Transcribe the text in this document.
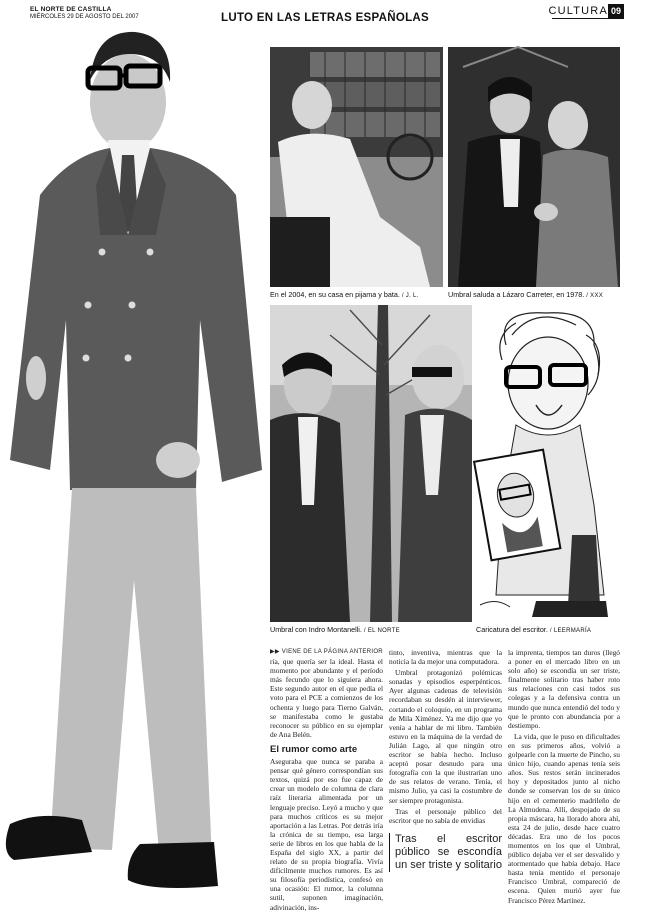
EL NORTE DE CASTILLA
MIÉRCOLES 29 DE AGOSTO DEL 2007	LUTO EN LAS LETRAS ESPAÑOLAS
CULTURA 09
En el 2004, en su casa en pijama y bata. / J. L.	Umbral saluda a Lázaro Carreter, en 1978. / XXX
Umbral con Indro Montanelli. / EL NORTE	Caricatura del escritor. / LEERMARÍA
▶▶ VIENE DE LA PÁGINA ANTERIOR

ría, que quería ser la ideal. Hasta el momento por abundante y el período más fecundo que lo siguiera ahora. Este segundo autor en el que pedía el voto para el PCE a comienzos de los ochenta y luego para Tierno Galván, se manifestaba como le gustaba reconocer su público en su ejemplar de Ana Belén.

El rumor como arte

Aseguraba que nunca se paraba a pensar qué género correspondían sus textos, quizá por eso fue capaz de crear un modelo de columna de clara raíz literaria alimentada por un lenguaje preciso. Leyó a mucho y que para muchos críticos es su mejor aportación a las Letras. Por detrás iría la crónica de su tiempo, esa larga serie de libros en los que habla de la España del siglo XX, a partir del relato de su propia biografía. Vivía difícilmente muchos rumores. Es así su filosofía periodística, confesó en una ocasión: El rumor, la columna sutil, suponen imaginación, adivinación, ins-

tinto, inventiva, mientras que la noticia la da mejor una computadora.

Umbral protagonizó polémicas sonadas y episodios esperpénticos. Ayer algunas cadenas de televisión recordaban su desdén al interviewer, cortando el coloquio, en un programa de Mila Ximénez. Ya me dijo que yo venía a hablar de mi libro. También estuvo en la máquina de la verdad de Julián Lago, al que ningún otro escritor se había hecho. Incluso aceptó posar desnudo para una fotografía con la que ilustrarían uno de sus relatos de verano. Tenía, el mismo Julio, ya casi la costumbre de ser siempre protagonista.

Tras el personaje público del escritor que no sabía de envidias

Tras el escritor público se escondía un ser triste y solitario

la imprenta, tiempos tan duros (llegó a poner en el mercado libro en un solo año) se escondía un ser triste, finalmente solitario tras haber roto sus relaciones con casi todos sus colegas y a la defensiva contra un mundo que nunca entendió del todo y que le pronto con abundancia por a destiempo.

La vida, que le puso en dificultades en sus primeros años, volvió a golpearle con la muerte de Pincho, su único hijo, cuando apenas tenía seis años. Sus restos serán incinerados hoy y depositados junto al nicho donde se conservan los de su único hijo en el cementerio madrileño de La Almudena. Allí, despojado de su propia máscara, ha llorado ahora ahí, esta 24 de julio, desde hace cuatro décadas. Era uno de los pocos momentos en los que el Umbral, público dejaba ver el ser desvalido y atormentado que había debajo. Hace hasta tenía mentido el personaje Francisco Umbral, compareció de escena. Quien murió ayer fue Francisco Pérez Martínez.
